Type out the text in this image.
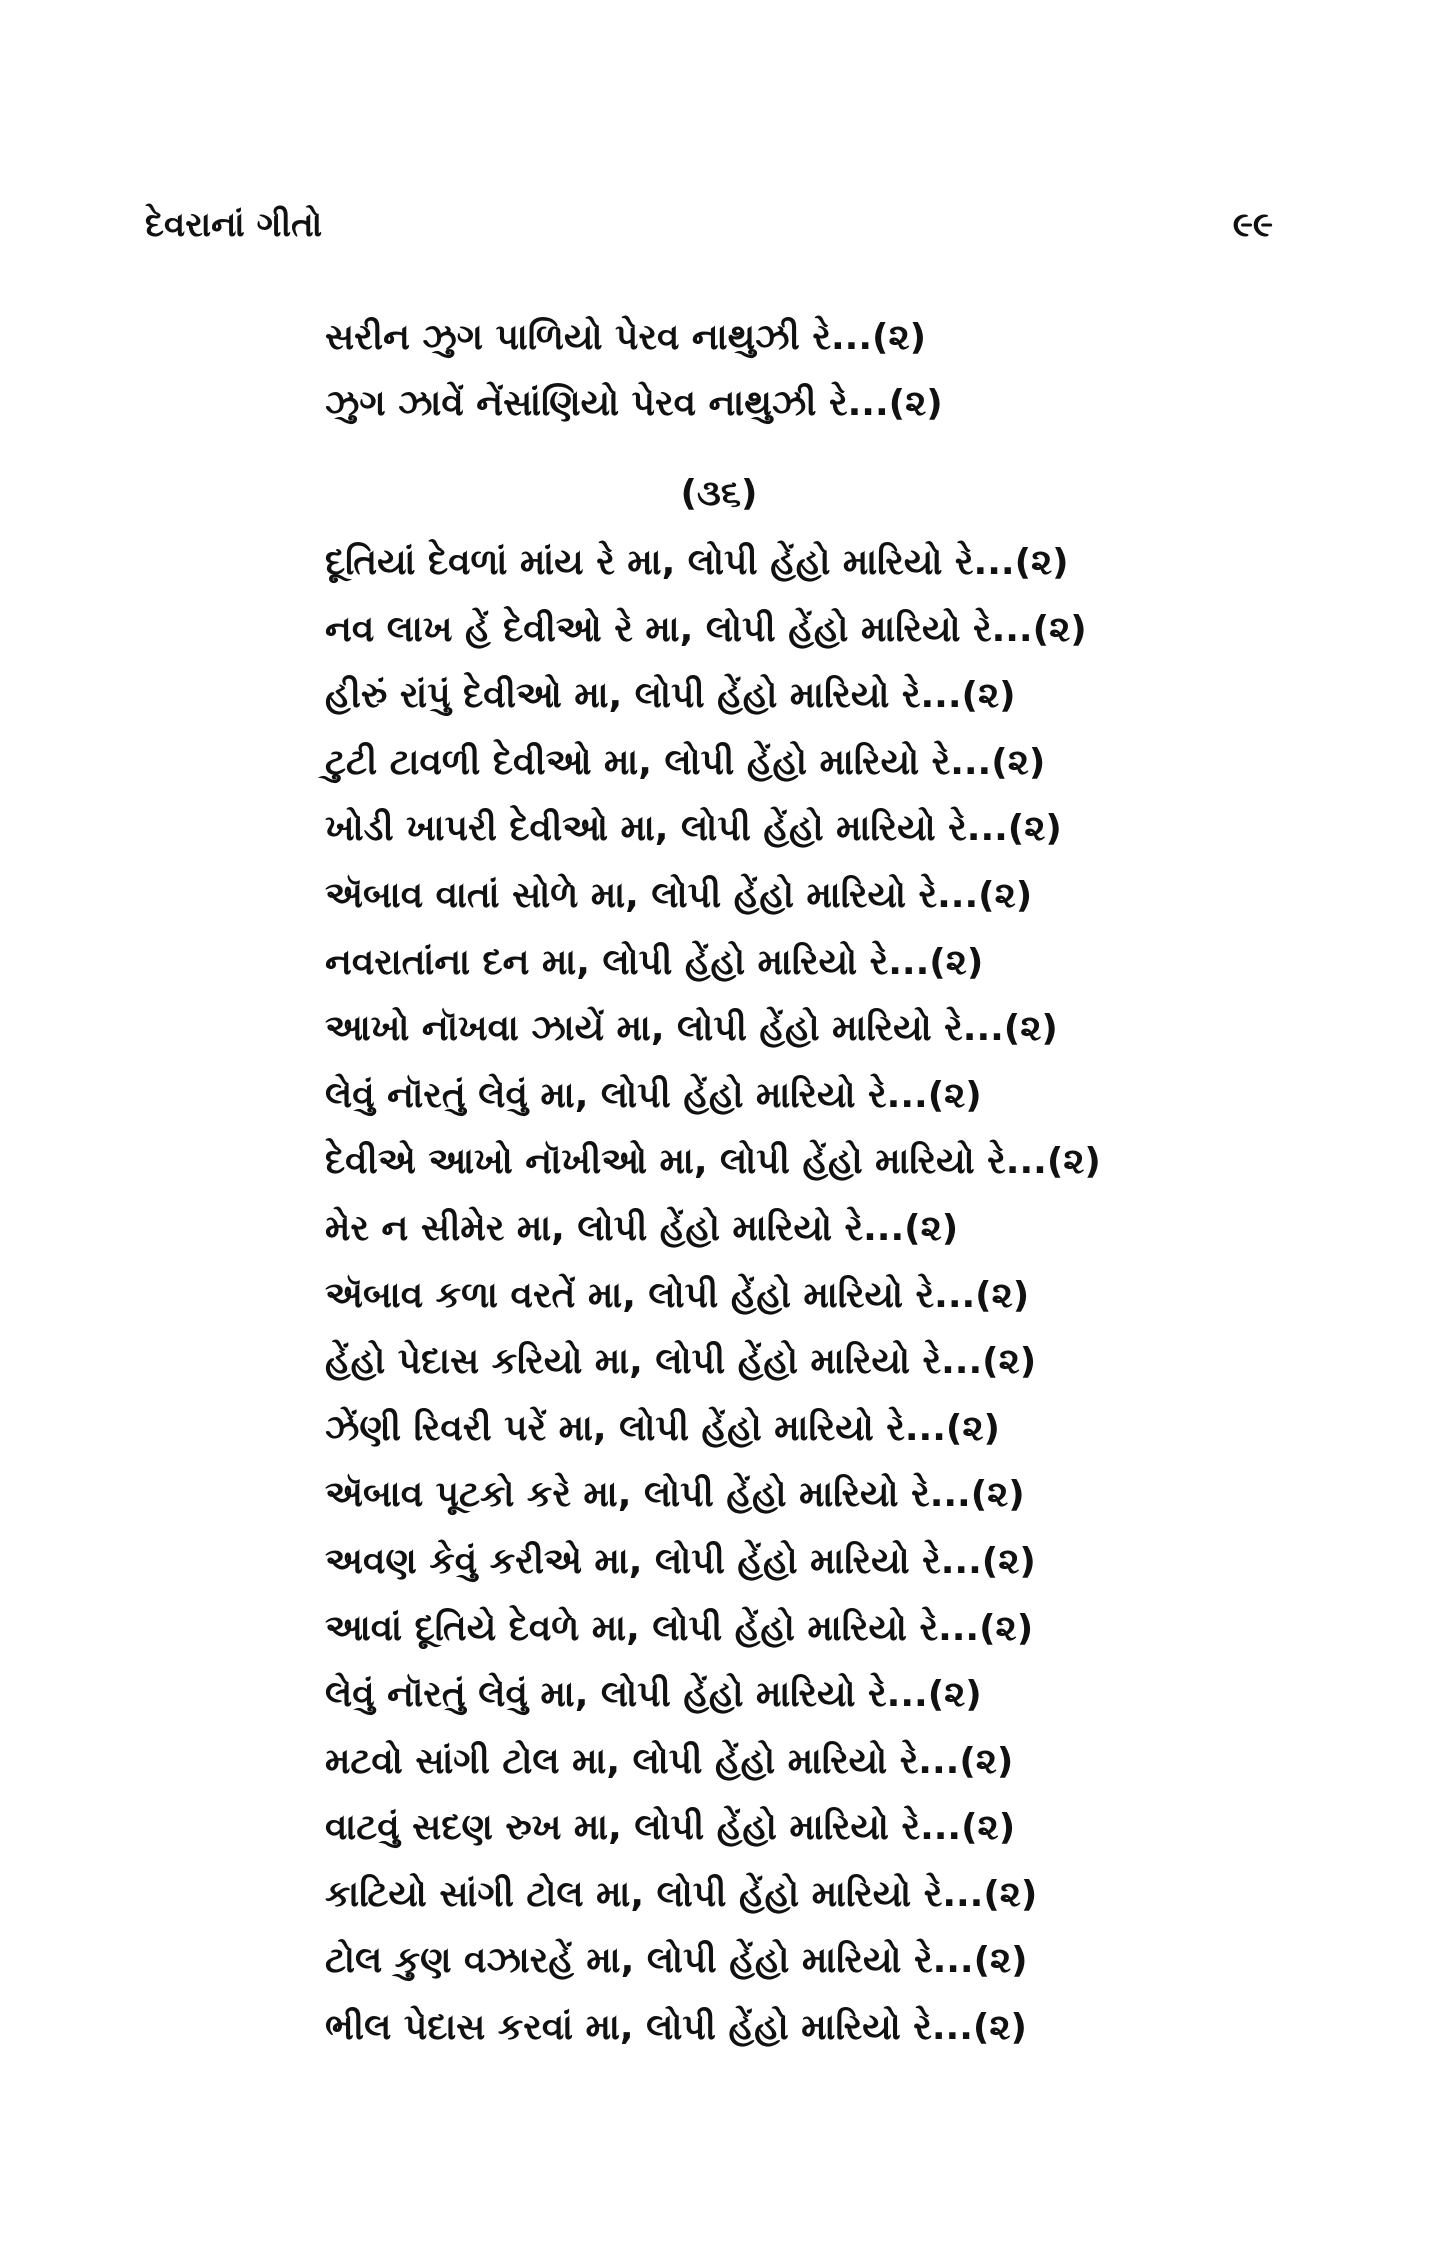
દેવરાનાં ગીતો	૯૯
સરીન ઝુગ પાળિયો પેરવ નાથુઝી રે...(૨)
ઝુગ ઝાવેં નેંસાંણિયો પેરવ નાથુઝી રે...(૨)
(૩૬)
દૂતિયાં દેવળાં માંય રે મા, લોપી હેંહો મારિયો રે...(૨)
નવ લાખ હેં દેવીઓ રે મા, લોપી હેંહો મારિયો રે...(૨)
હીરું રાંપું દેવીઓ મા, લોપી હેંહો મારિયો રે...(૨)
ટુટી ટાવળી દેવીઓ મા, લોપી હેંહો મારિયો રે...(૨)
ખોડી ખાપરી દેવીઓ મા, લોપી હેંહો મારિયો રે...(૨)
ઍબાવ વાતાં સોળે મા, લોપી હેંહો મારિયો રે...(૨)
નવરાતાંના દન મા, લોપી હેંહો મારિયો રે...(૨)
આખો નૉખવા ઝાયેં મા, લોપી હેંહો મારિયો રે...(૨)
લેવું નૉરતું લેવું મા, લોપી હેંહો મારિયો રે...(૨)
દેવીએ આખો નૉખીઓ મા, લોપી હેંહો મારિયો રે...(૨)
મેર ન સીમેર મા, લોપી હેંહો મારિયો રે...(૨)
ઍબાવ કળા વરતેં મા, લોપી હેંહો મારિયો રે...(૨)
હેંહો પેદાસ કરિયો મા, લોપી હેંહો મારિયો રે...(૨)
ઝેંણી રિવરી પરેં મા, લોપી હેંહો મારિયો રે...(૨)
ઍબાવ પૂટકો કરે મા, લોપી હેંહો મારિયો રે...(૨)
અવણ કેવું કરીએ મા, લોપી હેંહો મારિયો રે...(૨)
આવાં દૂતિયે દેવળે મા, લોપી હેંહો મારિયો રે...(૨)
લેવું નૉરતું લેવું મા, લોપી હેંહો મારિયો રે...(૨)
મટવો સાંગી ટોલ મા, લોપી હેંહો મારિયો રે...(૨)
વાટવું સદણ રુખ મા, લોપી હેંહો મારિયો રે...(૨)
કાટિયો સાંગી ટોલ મા, લોપી હેંહો મારિયો રે...(૨)
ટોલ કુણ વઝારહેં મા, લોપી હેંહો મારિયો રે...(૨)
ભીલ પેદાસ કરવાં મા, લોપી હેંહો મારિયો રે...(૨)
